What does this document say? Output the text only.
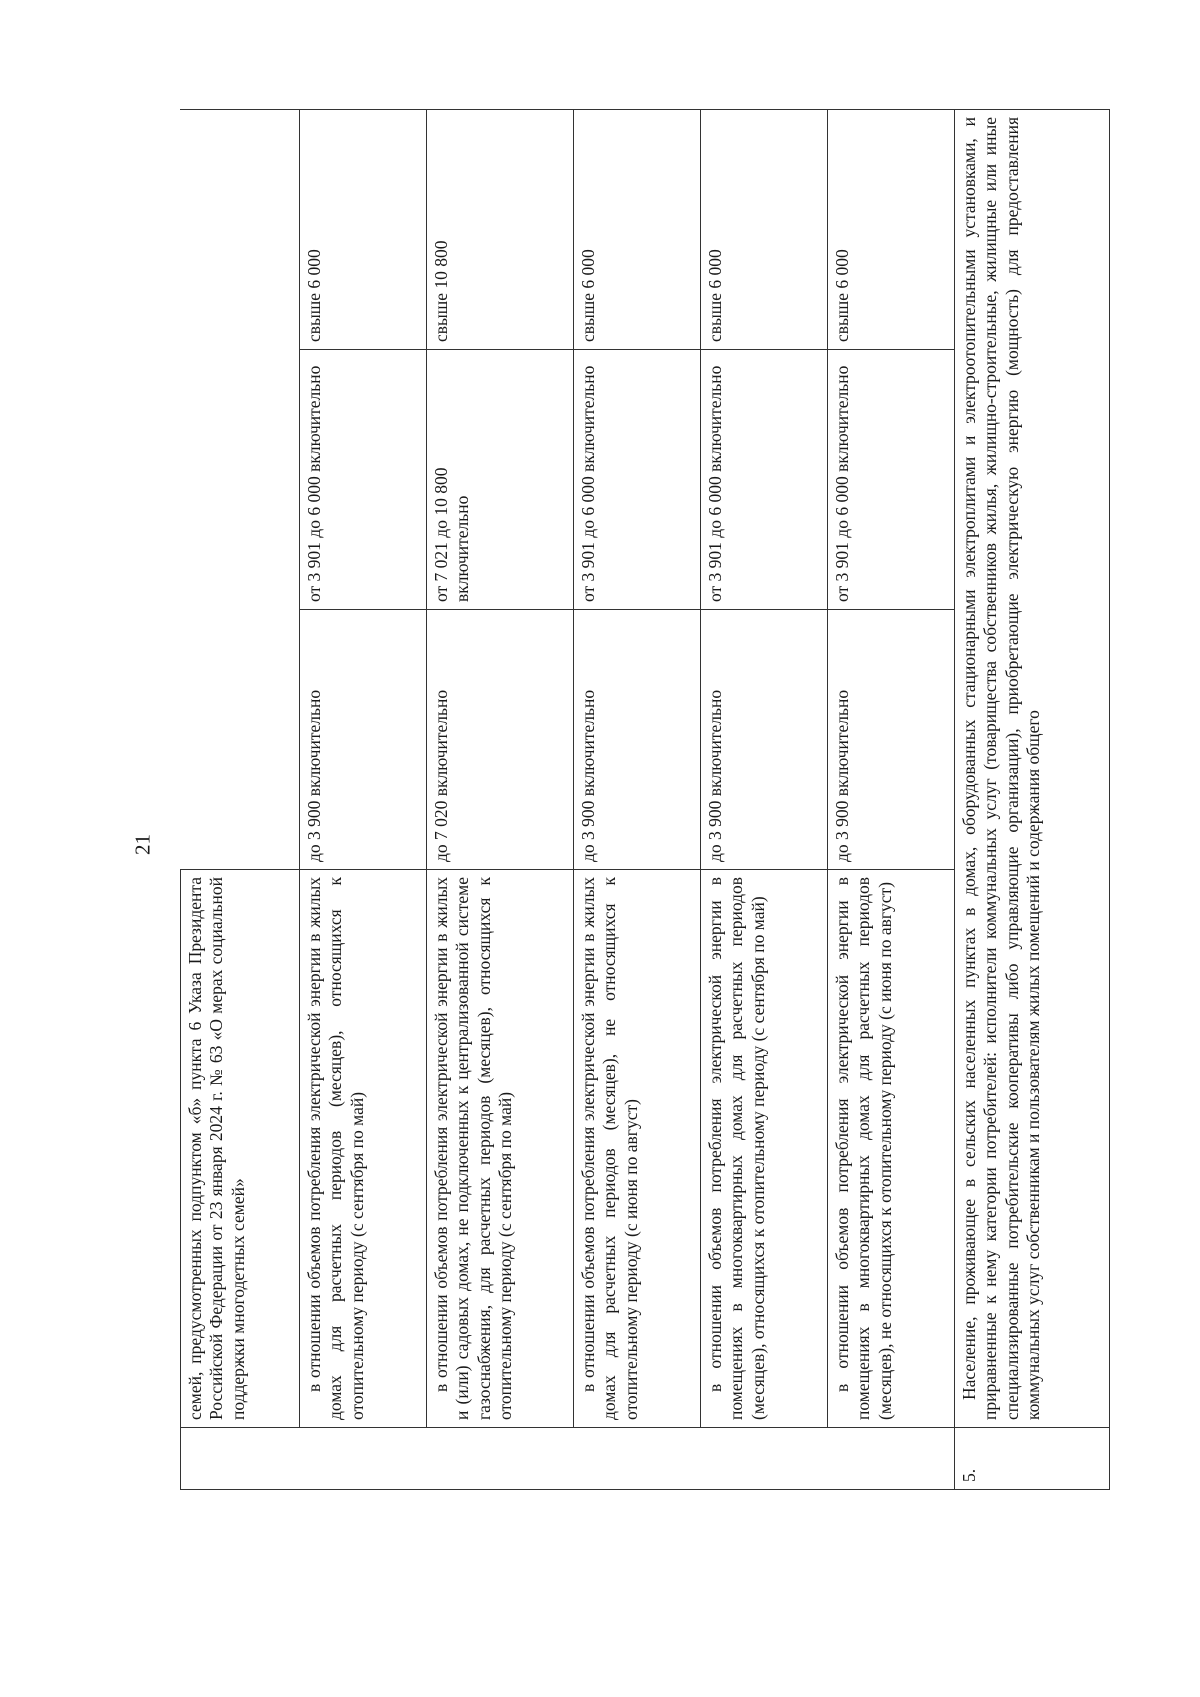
21
	семей, предусмотренных подпунктом «б» пункта 6 Указа Президента Российской Федерации от 23 января 2024 г. № 63 «О мерах социальной поддержки многодетных семей»			
	в отношении объемов потребления электрической энергии в жилых домах для расчетных периодов (месяцев), относящихся к отопительному периоду (с сентября по май)	до 3 900 включительно	от 3 901 до 6 000 включительно	свыше 6 000
	в отношении объемов потребления электрической энергии в жилых и (или) садовых домах, не подключенных к централизованной системе газоснабжения, для расчетных периодов (месяцев), относящихся к отопительному периоду (с сентября по май)	до 7 020 включительно	от 7 021 до 10 800 включительно	свыше 10 800
	в отношении объемов потребления электрической энергии в жилых домах для расчетных периодов (месяцев), не относящихся к отопительному периоду (с июня по август)	до 3 900 включительно	от 3 901 до 6 000 включительно	свыше 6 000
	в отношении объемов потребления электрической энергии в помещениях в многоквартирных домах для расчетных периодов (месяцев), относящихся к отопительному периоду (с сентября по май)	до 3 900 включительно	от 3 901 до 6 000 включительно	свыше 6 000
	в отношении объемов потребления электрической энергии в помещениях в многоквартирных домах для расчетных периодов (месяцев), не относящихся к отопительному периоду (с июня по август)	до 3 900 включительно	от 3 901 до 6 000 включительно	свыше 6 000
5.	Население, проживающее в сельских населенных пунктах в домах, оборудованных стационарными электроплитами и электроотопительными установками, и приравненные к нему категории потребителей: исполнители коммунальных услуг (товарищества собственников жилья, жилищно-строительные, жилищные или иные специализированные потребительские кооперативы либо управляющие организации), приобретающие электрическую энергию (мощность) для предоставления коммунальных услуг собственникам и пользователям жилых помещений и содержания общего			
